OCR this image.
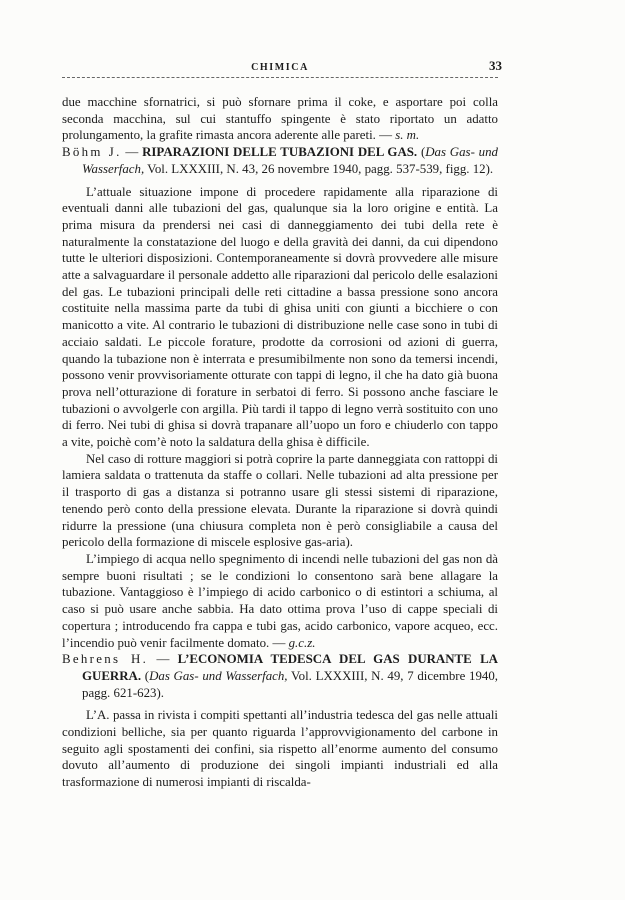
CHIMICA	33

due macchine sfornatrici, si può sfornare prima il coke, e asportare poi colla seconda macchina, sul cui stantuffo spingente è stato riportato un adatto prolungamento, la grafite rimasta ancora aderente alle pareti. — s. m.

Böhm J. — RIPARAZIONI DELLE TUBAZIONI DEL GAS. (Das Gas- und Wasserfach, Vol. LXXXIII, N. 43, 26 novembre 1940, pagg. 537-539, figg. 12).

L’attuale situazione impone di procedere rapidamente alla riparazione di eventuali danni alle tubazioni del gas, qualunque sia la loro origine e entità. La prima misura da prendersi nei casi di danneggiamento dei tubi della rete è naturalmente la constatazione del luogo e della gravità dei danni, da cui dipendono tutte le ulteriori disposizioni. Contemporaneamente si dovrà provvedere alle misure atte a salvaguardare il personale addetto alle riparazioni dal pericolo delle esalazioni del gas. Le tubazioni principali delle reti cittadine a bassa pressione sono ancora costituite nella massima parte da tubi di ghisa uniti con giunti a bicchiere o con manicotto a vite. Al contrario le tubazioni di distribuzione nelle case sono in tubi di acciaio saldati. Le piccole forature, prodotte da corrosioni od azioni di guerra, quando la tubazione non è interrata e presumibilmente non sono da temersi incendi, possono venir provvisoriamente otturate con tappi di legno, il che ha dato già buona prova nell’otturazione di forature in serbatoi di ferro. Si possono anche fasciare le tubazioni o avvolgerle con argilla. Più tardi il tappo di legno verrà sostituito con uno di ferro. Nei tubi di ghisa si dovrà trapanare all’uopo un foro e chiuderlo con tappo a vite, poichè com’è noto la saldatura della ghisa è difficile.

Nel caso di rotture maggiori si potrà coprire la parte danneggiata con rattoppi di lamiera saldata o trattenuta da staffe o collari. Nelle tubazioni ad alta pressione per il trasporto di gas a distanza si potranno usare gli stessi sistemi di riparazione, tenendo però conto della pressione elevata. Durante la riparazione si dovrà quindi ridurre la pressione (una chiusura completa non è però consigliabile a causa del pericolo della formazione di miscele esplosive gas-aria).

L’impiego di acqua nello spegnimento di incendi nelle tubazioni del gas non dà sempre buoni risultati ; se le condizioni lo consentono sarà bene allagare la tubazione. Vantaggioso è l’impiego di acido carbonico o di estintori a schiuma, al caso si può usare anche sabbia. Ha dato ottima prova l’uso di cappe speciali di copertura ; introducendo fra cappa e tubi gas, acido carbonico, vapore acqueo, ecc. l’incendio può venir facilmente domato. — g.c.z.

Behrens H. — L’ECONOMIA TEDESCA DEL GAS DURANTE LA GUERRA. (Das Gas- und Wasserfach, Vol. LXXXIII, N. 49, 7 dicembre 1940, pagg. 621-623).

L’A. passa in rivista i compiti spettanti all’industria tedesca del gas nelle attuali condizioni belliche, sia per quanto riguarda l’approvvigionamento del carbone in seguito agli spostamenti dei confini, sia rispetto all’enorme aumento del consumo dovuto all’aumento di produzione dei singoli impianti industriali ed alla trasformazione di numerosi impianti di riscalda-
